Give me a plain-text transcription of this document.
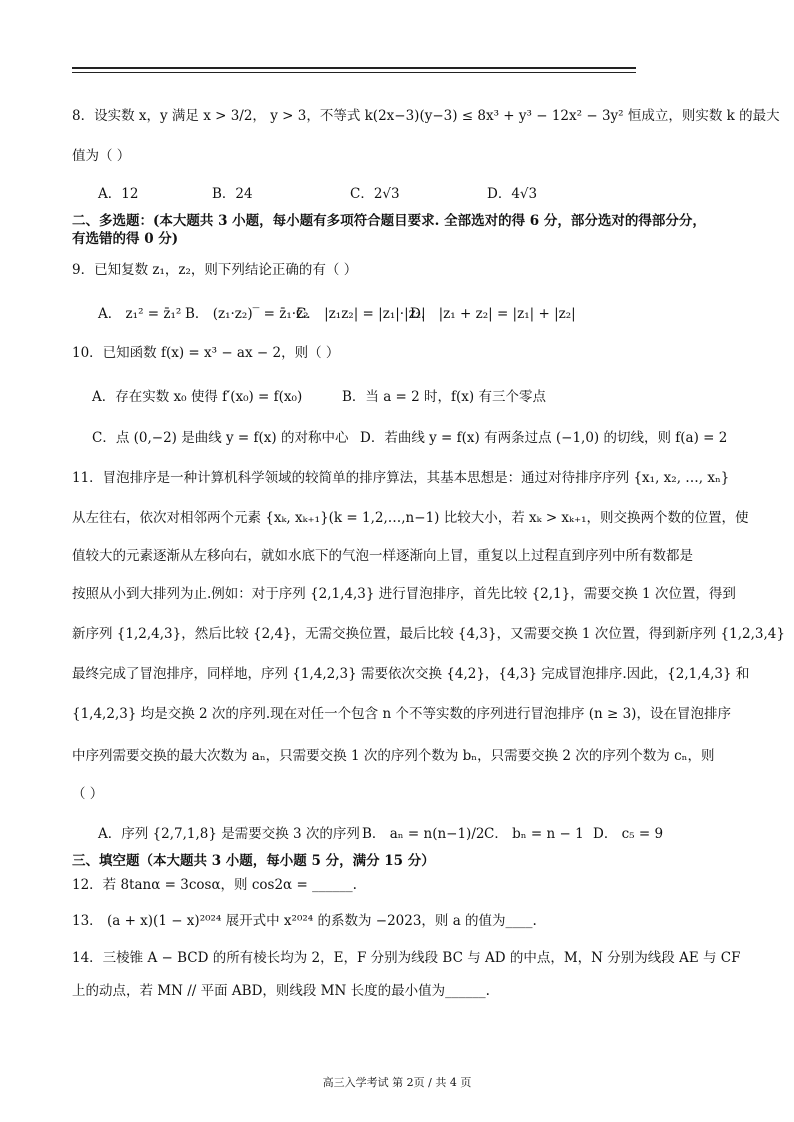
8．设实数 x，y 满足 x > 3/2， y > 3，不等式 k(2x−3)(y−3) ≤ 8x³ + y³ − 12x² − 3y² 恒成立，则实数 k 的最大
值为（ ）
A．12	B．24	C．2√3	D．4√3
二、多选题：(本大题共 3 小题，每小题有多项符合题目要求. 全部选对的得 6 分，部分选对的得部分分，
有选错的得 0 分)
9．已知复数 z₁，z₂，则下列结论正确的有（ ）
A． z₁² = z̄₁² B． (z₁·z₂)‾ = z̄₁·z̄₂
C． |z₁z₂| = |z₁|·|z₂|
D． |z₁ + z₂| = |z₁| + |z₂|
10．已知函数 f(x) = x³ − ax − 2，则（ ）
A．存在实数 x₀ 使得 f′(x₀) = f(x₀)	B．当 a = 2 时，f(x) 有三个零点
C．点 (0,−2) 是曲线 y = f(x) 的对称中心 D．若曲线 y = f(x) 有两条过点 (−1,0) 的切线，则 f(a) = 2
11．冒泡排序是一种计算机科学领域的较简单的排序算法，其基本思想是：通过对待排序序列 {x₁, x₂, …, xₙ}
从左往右，依次对相邻两个元素 {xₖ, xₖ₊₁}(k = 1,2,…,n−1) 比较大小，若 xₖ > xₖ₊₁，则交换两个数的位置，使
值较大的元素逐渐从左移向右，就如水底下的气泡一样逐渐向上冒，重复以上过程直到序列中所有数都是
按照从小到大排列为止.例如：对于序列 {2,1,4,3} 进行冒泡排序，首先比较 {2,1}，需要交换 1 次位置，得到
新序列 {1,2,4,3}，然后比较 {2,4}，无需交换位置，最后比较 {4,3}，又需要交换 1 次位置，得到新序列 {1,2,3,4}
最终完成了冒泡排序，同样地，序列 {1,4,2,3} 需要依次交换 {4,2}，{4,3} 完成冒泡排序.因此，{2,1,4,3} 和
{1,4,2,3} 均是交换 2 次的序列.现在对任一个包含 n 个不等实数的序列进行冒泡排序 (n ≥ 3)，设在冒泡排序
中序列需要交换的最大次数为 aₙ，只需要交换 1 次的序列个数为 bₙ，只需要交换 2 次的序列个数为 cₙ，则
（ ）
A．序列 {2,7,1,8} 是需要交换 3 次的序列 B． aₙ = n(n−1)/2 C． bₙ = n − 1 D． c₅ = 9
三、填空题（本大题共 3 小题，每小题 5 分，满分 15 分）
12．若 8tanα = 3cosα，则 cos2α = ______.
13． (a + x)(1 − x)²⁰²⁴ 展开式中 x²⁰²⁴ 的系数为 −2023，则 a 的值为____.
14．三棱锥 A − BCD 的所有棱长均为 2，E，F 分别为线段 BC 与 AD 的中点，M，N 分别为线段 AE 与 CF
上的动点，若 MN // 平面 ABD，则线段 MN 长度的最小值为______.
高三入学考试 第 2页 / 共 4 页
